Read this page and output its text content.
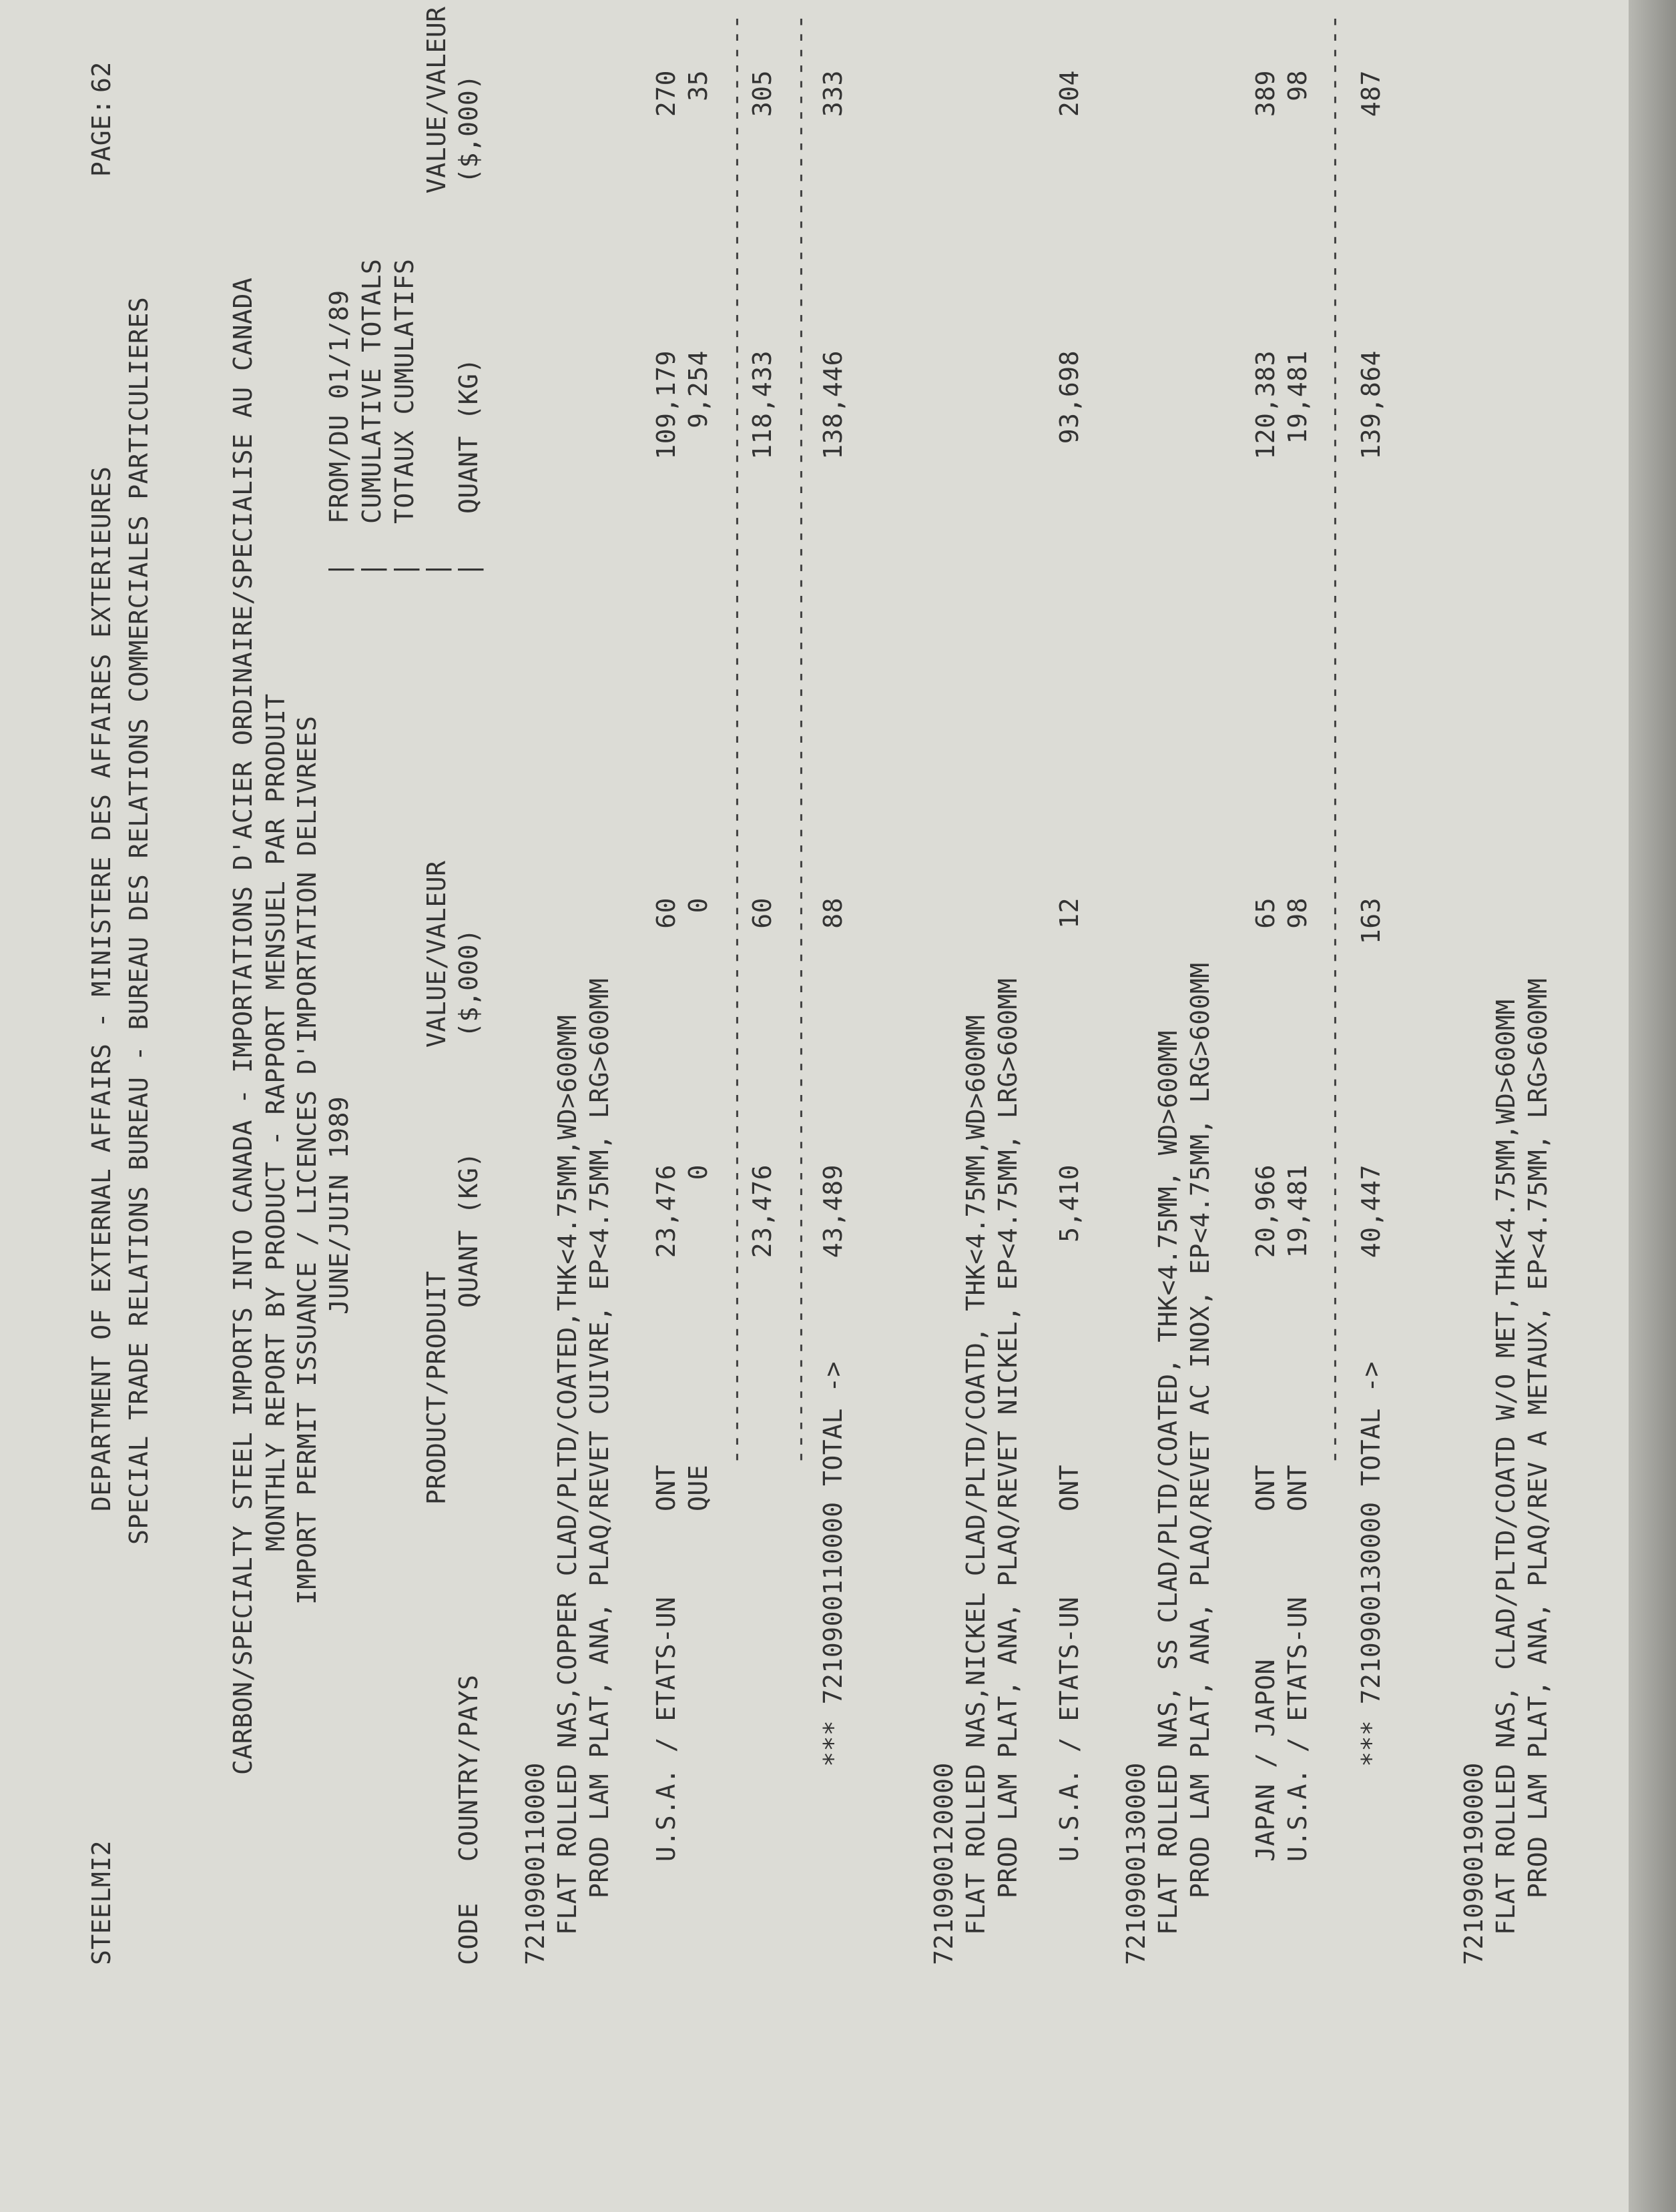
STEELMI2
DEPARTMENT OF EXTERNAL AFFAIRS - MINISTERE DES AFFAIRES EXTERIEURES SPECIAL TRADE RELATIONS BUREAU - BUREAU DES RELATIONS COMMERCIALES PARTICULIERES
PAGE:
62
CARBON/SPECIALTY STEEL IMPORTS INTO CANADA - IMPORTATIONS D'ACIER ORDINAIRE/SPECIALISE AU CANADA MONTHLY REPORT BY PRODUCT - RAPPORT MENSUEL PAR PRODUIT IMPORT PERMIT ISSUANCE / LICENCES D'IMPORTATION DELIVREES JUNE/JUIN 1989
FROM/DU 01/1/89 CUMULATIVE TOTALS TOTAUX CUMULATIFS
| | | |
VALUE/VALEUR
|
VALUE/VALEUR
PRODUCT/PRODUIT
CODE
COUNTRY/PAYS
QUANT (KG)
($,000)
QUANT (KG)
($,000)
7210900110000 FLAT ROLLED NAS,COPPER CLAD/PLTD/COATED,THK<4.75MM,WD>600MM PROD LAM PLAT, ANA, PLAQ/REVET CUIVRE, EP<4.75MM, LRG>600MM U.S.A. / ETATS-UN
ONT
23,476
60
109,179
270
QUE
0
0
9,254
35 ---------------------------------------------------------------------------------------------
23,476
60
118,433
305 ---------------------------------------------------------------------------------------------
*** 7210900110000 TOTAL ->
43,489
88
138,446
333
7210900120000 FLAT ROLLED NAS,NICKEL CLAD/PLTD/COATD, THK<4.75MM,WD>600MM PROD LAM PLAT, ANA, PLAQ/REVET NICKEL, EP<4.75MM, LRG>600MM U.S.A. / ETATS-UN
ONT
5,410
12
93,698
204
7210900130000 FLAT ROLLED NAS, SS CLAD/PLTD/COATED, THK<4.75MM, WD>600MM PROD LAM PLAT, ANA, PLAQ/REVET AC INOX, EP<4.75MM, LRG>600MM JAPAN / JAPON
ONT
20,966
65
120,383
389
U.S.A. / ETATS-UN
ONT
19,481
98
19,481
98 ---------------------------------------------------------------------------------------------
*** 7210900130000 TOTAL ->
40,447
163
139,864
487
7210900190000 FLAT ROLLED NAS, CLAD/PLTD/COATD W/O MET,THK<4.75MM,WD>600MM PROD LAM PLAT, ANA, PLAQ/REV A METAUX, EP<4.75MM, LRG>600MM
